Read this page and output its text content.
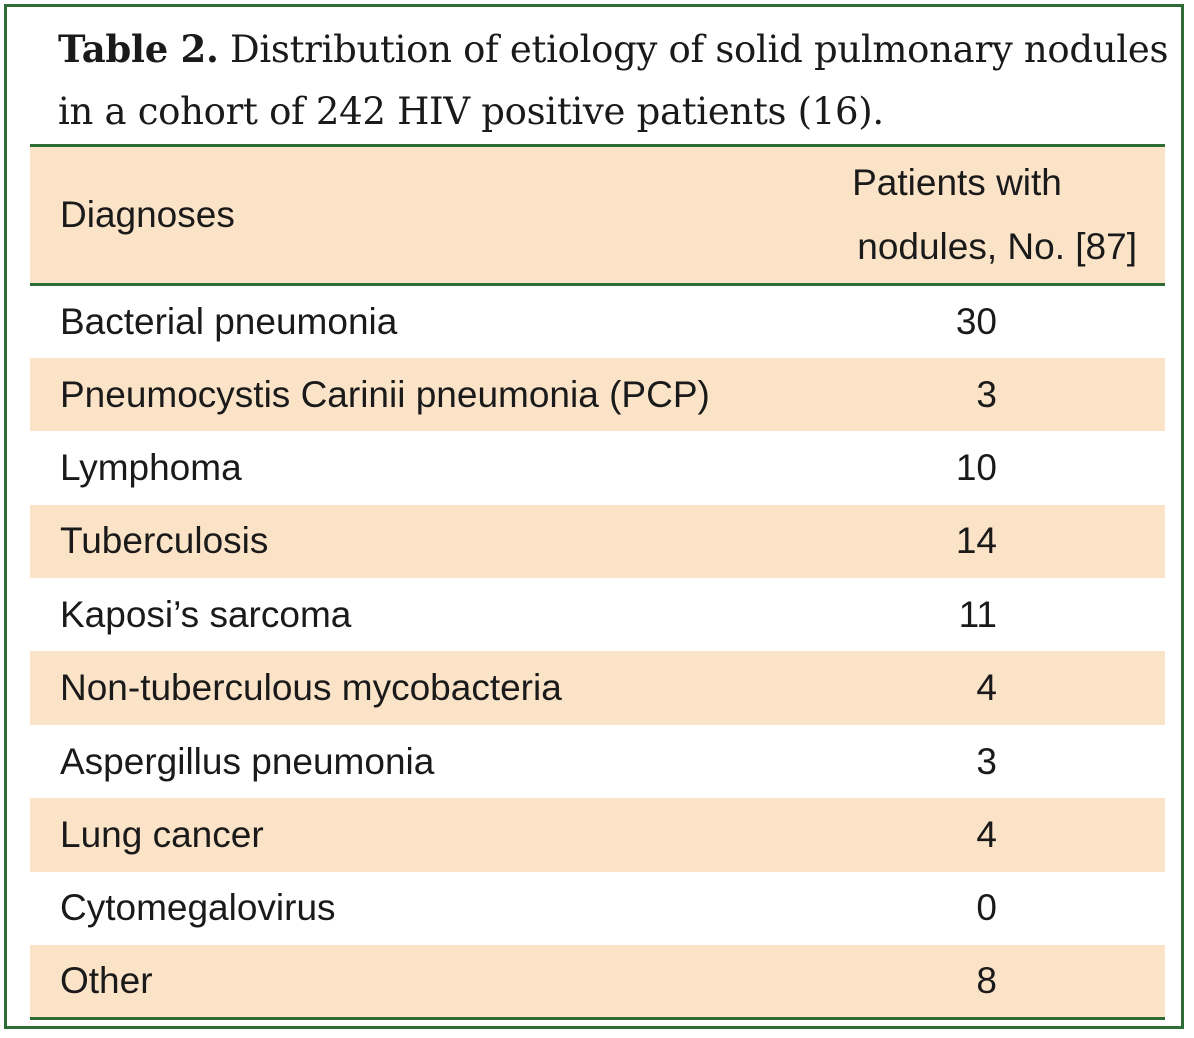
Table 2. Distribution of etiology of solid pulmonary nodules in a cohort of 242 HIV positive patients (16).
Diagnoses	Patients with
nodules, No. [87]

Bacterial pneumonia	30
Pneumocystis Carinii pneumonia (PCP)	3
Lymphoma	10
Tuberculosis	14
Kaposi’s sarcoma	11
Non-tuberculous mycobacteria	4
Aspergillus pneumonia	3
Lung cancer	4
Cytomegalovirus	0
Other	8
